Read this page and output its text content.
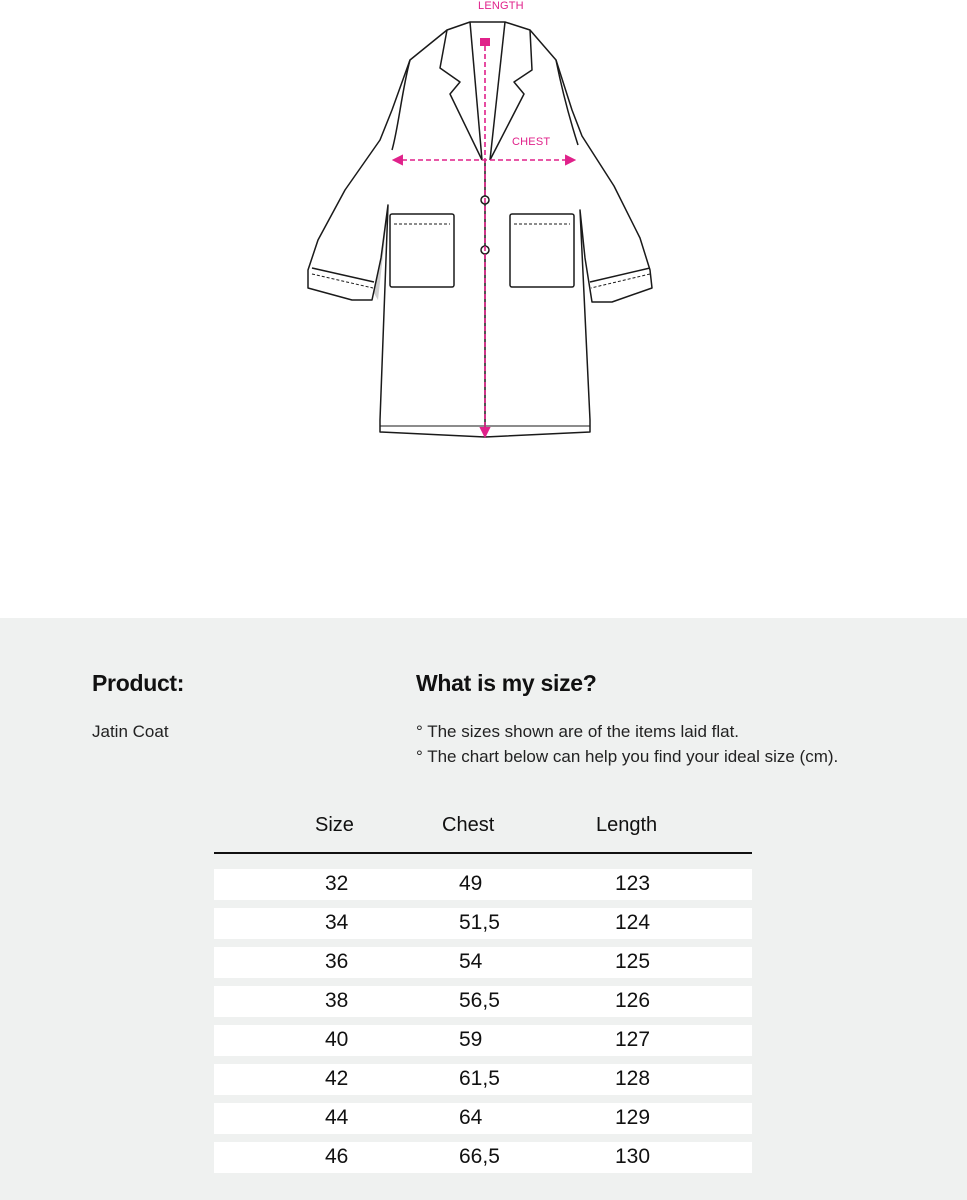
LENGTH
CHEST
Product:
Jatin Coat
What is my size?
° The sizes shown are of the items laid flat.
° The chart below can help you find your ideal size (cm).
Size	Chest	Length
32	49	123
34	51,5	124
36	54	125
38	56,5	126
40	59	127
42	61,5	128
44	64	129
46	66,5	130
